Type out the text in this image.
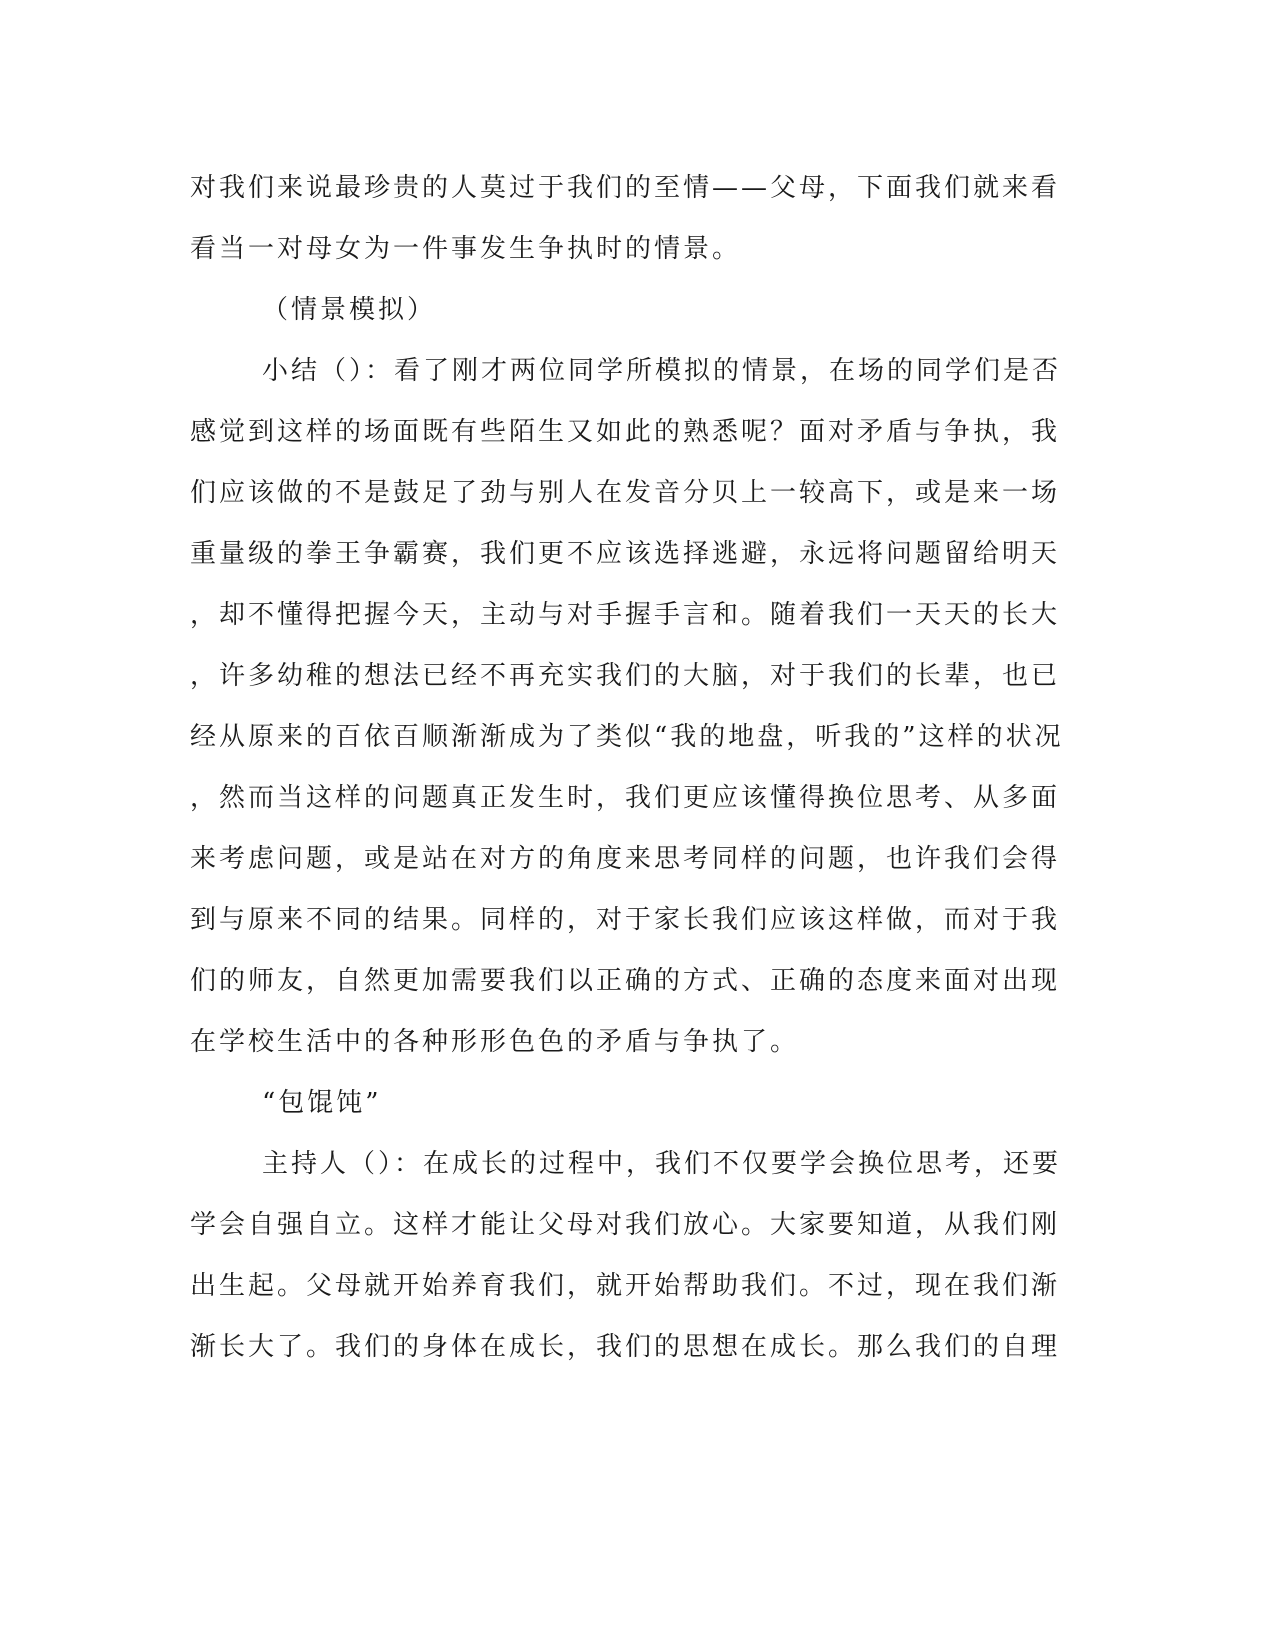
对我们来说最珍贵的人莫过于我们的至情——父母，下面我们就来看
看当一对母女为一件事发生争执时的情景。
（情景模拟）
小结（）：看了刚才两位同学所模拟的情景，在场的同学们是否
感觉到这样的场面既有些陌生又如此的熟悉呢？面对矛盾与争执，我
们应该做的不是鼓足了劲与别人在发音分贝上一较高下，或是来一场
重量级的拳王争霸赛，我们更不应该选择逃避，永远将问题留给明天
，却不懂得把握今天，主动与对手握手言和。随着我们一天天的长大
，许多幼稚的想法已经不再充实我们的大脑，对于我们的长辈，也已
经从原来的百依百顺渐渐成为了类似“我的地盘，听我的”这样的状况
，然而当这样的问题真正发生时，我们更应该懂得换位思考、从多面
来考虑问题，或是站在对方的角度来思考同样的问题，也许我们会得
到与原来不同的结果。同样的，对于家长我们应该这样做，而对于我
们的师友，自然更加需要我们以正确的方式、正确的态度来面对出现
在学校生活中的各种形形色色的矛盾与争执了。
“包馄饨”
主持人（）：在成长的过程中，我们不仅要学会换位思考，还要
学会自强自立。这样才能让父母对我们放心。大家要知道，从我们刚
出生起。父母就开始养育我们，就开始帮助我们。不过，现在我们渐
渐长大了。我们的身体在成长，我们的思想在成长。那么我们的自理
